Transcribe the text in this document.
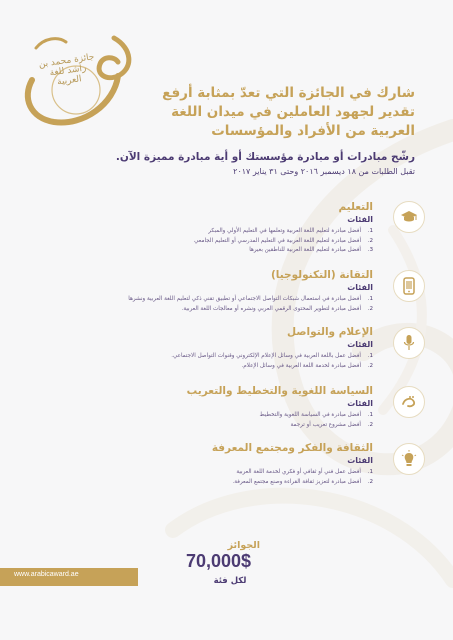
جائزة محمد بن راشد للغة العربية
شارك في الجائزة التي تعدّ بمثابة أرفع
تقدير لجهود العاملين في ميدان اللغة
العربية من الأفراد والمؤسسات
رشّح مبادرات أو مبادرة مؤسستك أو أية مبادرة مميزة الآن.
تقبل الطلبات من ١٨ ديسمبر ٢٠١٦ وحتى ٣١ يناير ٢٠١٧
التعليم
الفئات
1.
أفضل مبادرة لتعليم اللغة العربية وتعلمها في التعليم الأولي والمبكر
2.
أفضل مبادرة لتعليم اللغة العربية في التعليم المدرسي أو التعليم الجامعي
3.
أفضل مبادرة لتعليم اللغة العربية للناطقين بغيرها
التقانة (التكنولوجيا)
الفئات
1.
أفضل مبادرة في استعمال شبكات التواصل الاجتماعي أو تطبيق تقني ذكي لتعليم اللغة العربية ونشرها
2.
أفضل مبادرة لتطوير المحتوى الرقمي العربي ونشره أو معالجات اللغة العربية.
الإعلام والتواصل
الفئات
1.
أفضل عمل باللغة العربية في وسائل الإعلام الإلكتروني وقنوات التواصل الاجتماعي.
2.
أفضل مبادرة لخدمة اللغة العربية في وسائل الإعلام.
السياسة اللغوية والتخطيط والتعريب
الفئات
1.
أفضل مبادرة في السياسة اللغوية والتخطيط
2.
أفضل مشروع تعريب أو ترجمة
الثقافة والفكر ومجتمع المعرفة
الفئات
1.
أفضل عمل فني أو ثقافي أو فكري لخدمة اللغة العربية
2.
أفضل مبادرة لتعزيز ثقافة القراءة وصنع مجتمع المعرفة.
الجوائز
70,000$
لكل فئة
www.arabicaward.ae
